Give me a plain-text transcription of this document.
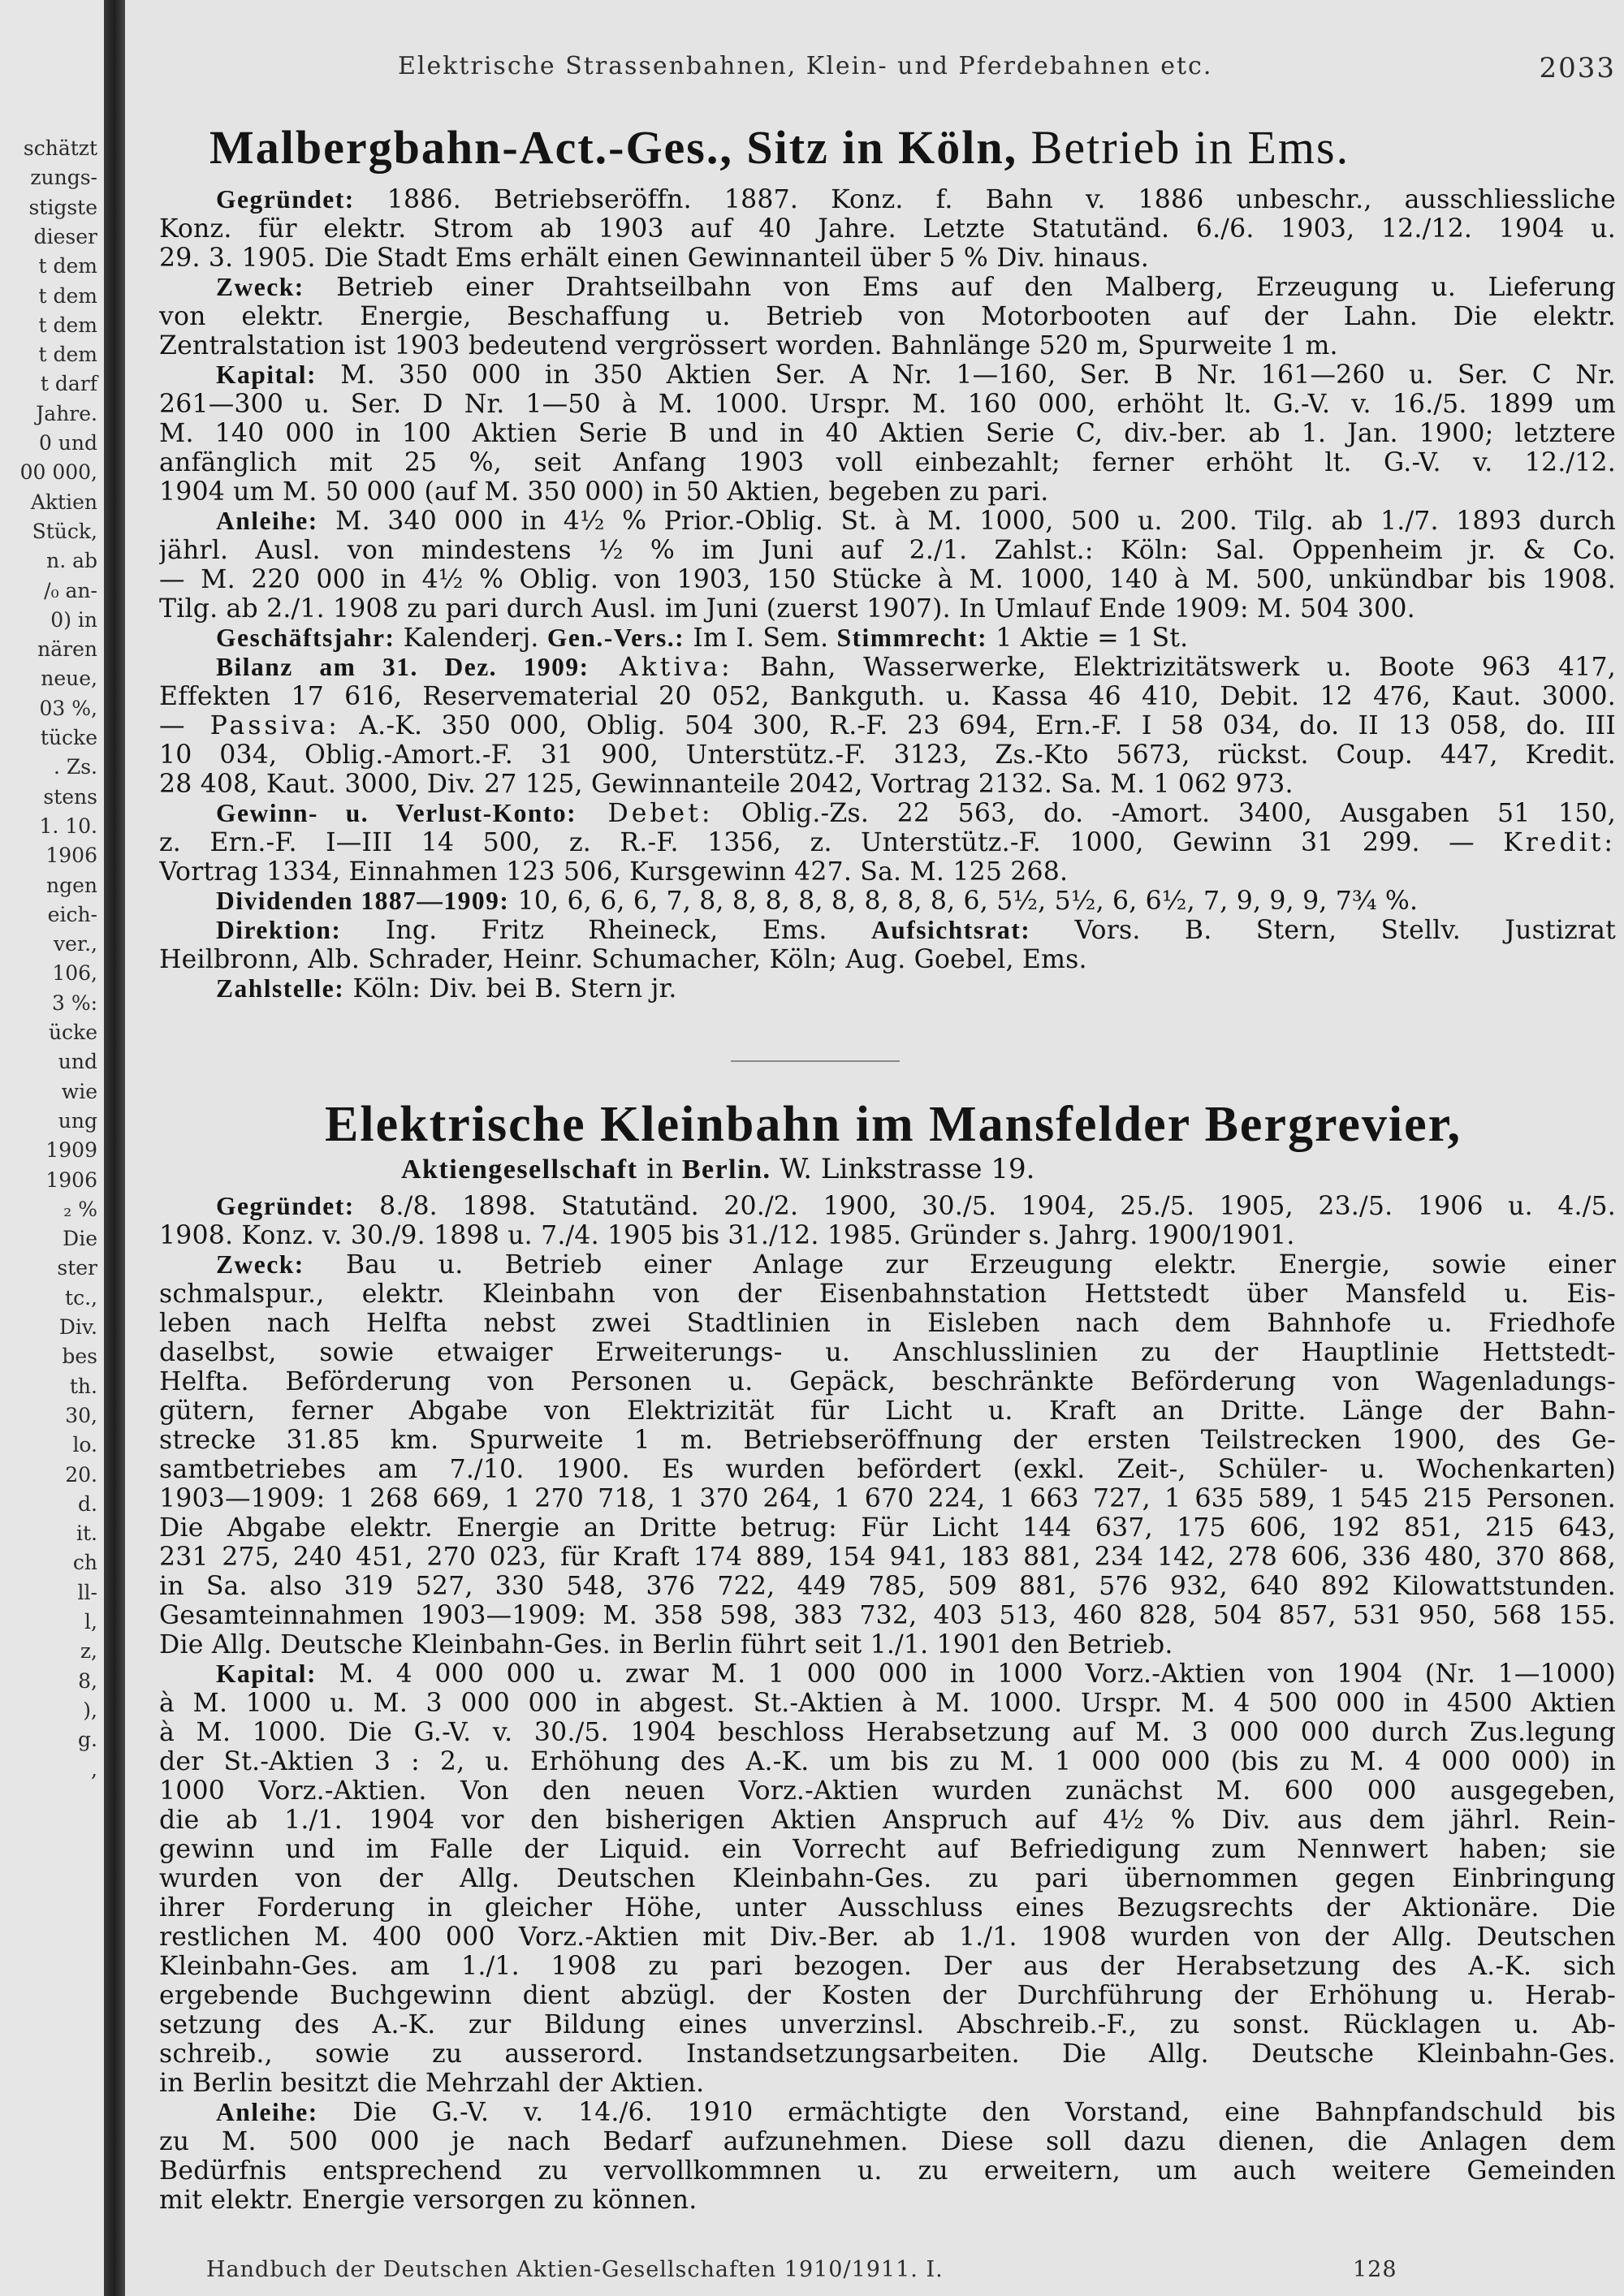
schätzt
zungs-
stigste
dieser
t dem
t dem
t dem
t dem
t darf
Jahre.
0 und
00 000,
Aktien
Stück,
n. ab
/₀ an-
0) in
nären
neue,
03 %,
tücke
. Zs.
stens
1. 10.
1906
ngen
eich-
ver.,
106,
3 %:
ücke
und
wie
ung
1909
1906
₂ %
Die
ster
tc.,
Div.
bes
th.
30,
lo.
20.
d.
it.
ch
ll-
l,
z,
8,
),
g.
,
Elektrische Strassenbahnen, Klein- und Pferdebahnen etc.	2033
Malbergbahn-Act.-Ges., Sitz in Köln, Betrieb in Ems.
Gegründet: 1886. Betriebseröffn. 1887. Konz. f. Bahn v. 1886 unbeschr., ausschliessliche
Konz. für elektr. Strom ab 1903 auf 40 Jahre. Letzte Statutänd. 6./6. 1903, 12./12. 1904 u.
29. 3. 1905. Die Stadt Ems erhält einen Gewinnanteil über 5 % Div. hinaus.
Zweck: Betrieb einer Drahtseilbahn von Ems auf den Malberg, Erzeugung u. Lieferung
von elektr. Energie, Beschaffung u. Betrieb von Motorbooten auf der Lahn. Die elektr.
Zentralstation ist 1903 bedeutend vergrössert worden. Bahnlänge 520 m, Spurweite 1 m.
Kapital: M. 350 000 in 350 Aktien Ser. A Nr. 1—160, Ser. B Nr. 161—260 u. Ser. C Nr.
261—300 u. Ser. D Nr. 1—50 à M. 1000. Urspr. M. 160 000, erhöht lt. G.-V. v. 16./5. 1899 um
M. 140 000 in 100 Aktien Serie B und in 40 Aktien Serie C, div.-ber. ab 1. Jan. 1900; letztere
anfänglich mit 25 %, seit Anfang 1903 voll einbezahlt; ferner erhöht lt. G.-V. v. 12./12.
1904 um M. 50 000 (auf M. 350 000) in 50 Aktien, begeben zu pari.
Anleihe: M. 340 000 in 4½ % Prior.-Oblig. St. à M. 1000, 500 u. 200. Tilg. ab 1./7. 1893 durch
jährl. Ausl. von mindestens ½ % im Juni auf 2./1. Zahlst.: Köln: Sal. Oppenheim jr. & Co.
— M. 220 000 in 4½ % Oblig. von 1903, 150 Stücke à M. 1000, 140 à M. 500, unkündbar bis 1908.
Tilg. ab 2./1. 1908 zu pari durch Ausl. im Juni (zuerst 1907). In Umlauf Ende 1909: M. 504 300.
Geschäftsjahr: Kalenderj. Gen.-Vers.: Im I. Sem. Stimmrecht: 1 Aktie = 1 St.
Bilanz am 31. Dez. 1909: Aktiva: Bahn, Wasserwerke, Elektrizitätswerk u. Boote 963 417,
Effekten 17 616, Reservematerial 20 052, Bankguth. u. Kassa 46 410, Debit. 12 476, Kaut. 3000.
— Passiva: A.-K. 350 000, Oblig. 504 300, R.-F. 23 694, Ern.-F. I 58 034, do. II 13 058, do. III
10 034, Oblig.-Amort.-F. 31 900, Unterstütz.-F. 3123, Zs.-Kto 5673, rückst. Coup. 447, Kredit.
28 408, Kaut. 3000, Div. 27 125, Gewinnanteile 2042, Vortrag 2132. Sa. M. 1 062 973.
Gewinn- u. Verlust-Konto: Debet: Oblig.-Zs. 22 563, do. -Amort. 3400, Ausgaben 51 150,
z. Ern.-F. I—III 14 500, z. R.-F. 1356, z. Unterstütz.-F. 1000, Gewinn 31 299. — Kredit:
Vortrag 1334, Einnahmen 123 506, Kursgewinn 427. Sa. M. 125 268.
Dividenden 1887—1909: 10, 6, 6, 6, 7, 8, 8, 8, 8, 8, 8, 8, 8, 6, 5½, 5½, 6, 6½, 7, 9, 9, 9, 7¾ %.
Direktion: Ing. Fritz Rheineck, Ems. Aufsichtsrat: Vors. B. Stern, Stellv. Justizrat
Heilbronn, Alb. Schrader, Heinr. Schumacher, Köln; Aug. Goebel, Ems.
Zahlstelle: Köln: Div. bei B. Stern jr.
Elektrische Kleinbahn im Mansfelder Bergrevier,
Aktiengesellschaft in Berlin. W. Linkstrasse 19.
Gegründet: 8./8. 1898. Statutänd. 20./2. 1900, 30./5. 1904, 25./5. 1905, 23./5. 1906 u. 4./5.
1908. Konz. v. 30./9. 1898 u. 7./4. 1905 bis 31./12. 1985. Gründer s. Jahrg. 1900/1901.
Zweck: Bau u. Betrieb einer Anlage zur Erzeugung elektr. Energie, sowie einer
schmalspur., elektr. Kleinbahn von der Eisenbahnstation Hettstedt über Mansfeld u. Eis-
leben nach Helfta nebst zwei Stadtlinien in Eisleben nach dem Bahnhofe u. Friedhofe
daselbst, sowie etwaiger Erweiterungs- u. Anschlusslinien zu der Hauptlinie Hettstedt-
Helfta. Beförderung von Personen u. Gepäck, beschränkte Beförderung von Wagenladungs-
gütern, ferner Abgabe von Elektrizität für Licht u. Kraft an Dritte. Länge der Bahn-
strecke 31.85 km. Spurweite 1 m. Betriebseröffnung der ersten Teilstrecken 1900, des Ge-
samtbetriebes am 7./10. 1900. Es wurden befördert (exkl. Zeit-, Schüler- u. Wochenkarten)
1903—1909: 1 268 669, 1 270 718, 1 370 264, 1 670 224, 1 663 727, 1 635 589, 1 545 215 Personen.
Die Abgabe elektr. Energie an Dritte betrug: Für Licht 144 637, 175 606, 192 851, 215 643,
231 275, 240 451, 270 023, für Kraft 174 889, 154 941, 183 881, 234 142, 278 606, 336 480, 370 868,
in Sa. also 319 527, 330 548, 376 722, 449 785, 509 881, 576 932, 640 892 Kilowattstunden.
Gesamteinnahmen 1903—1909: M. 358 598, 383 732, 403 513, 460 828, 504 857, 531 950, 568 155.
Die Allg. Deutsche Kleinbahn-Ges. in Berlin führt seit 1./1. 1901 den Betrieb.
Kapital: M. 4 000 000 u. zwar M. 1 000 000 in 1000 Vorz.-Aktien von 1904 (Nr. 1—1000)
à M. 1000 u. M. 3 000 000 in abgest. St.-Aktien à M. 1000. Urspr. M. 4 500 000 in 4500 Aktien
à M. 1000. Die G.-V. v. 30./5. 1904 beschloss Herabsetzung auf M. 3 000 000 durch Zus.legung
der St.-Aktien 3 : 2, u. Erhöhung des A.-K. um bis zu M. 1 000 000 (bis zu M. 4 000 000) in
1000 Vorz.-Aktien. Von den neuen Vorz.-Aktien wurden zunächst M. 600 000 ausgegeben,
die ab 1./1. 1904 vor den bisherigen Aktien Anspruch auf 4½ % Div. aus dem jährl. Rein-
gewinn und im Falle der Liquid. ein Vorrecht auf Befriedigung zum Nennwert haben; sie
wurden von der Allg. Deutschen Kleinbahn-Ges. zu pari übernommen gegen Einbringung
ihrer Forderung in gleicher Höhe, unter Ausschluss eines Bezugsrechts der Aktionäre. Die
restlichen M. 400 000 Vorz.-Aktien mit Div.-Ber. ab 1./1. 1908 wurden von der Allg. Deutschen
Kleinbahn-Ges. am 1./1. 1908 zu pari bezogen. Der aus der Herabsetzung des A.-K. sich
ergebende Buchgewinn dient abzügl. der Kosten der Durchführung der Erhöhung u. Herab-
setzung des A.-K. zur Bildung eines unverzinsl. Abschreib.-F., zu sonst. Rücklagen u. Ab-
schreib., sowie zu ausserord. Instandsetzungsarbeiten. Die Allg. Deutsche Kleinbahn-Ges.
in Berlin besitzt die Mehrzahl der Aktien.
Anleihe: Die G.-V. v. 14./6. 1910 ermächtigte den Vorstand, eine Bahnpfandschuld bis
zu M. 500 000 je nach Bedarf aufzunehmen. Diese soll dazu dienen, die Anlagen dem
Bedürfnis entsprechend zu vervollkommnen u. zu erweitern, um auch weitere Gemeinden
mit elektr. Energie versorgen zu können.
Handbuch der Deutschen Aktien-Gesellschaften 1910/1911. I.	128
